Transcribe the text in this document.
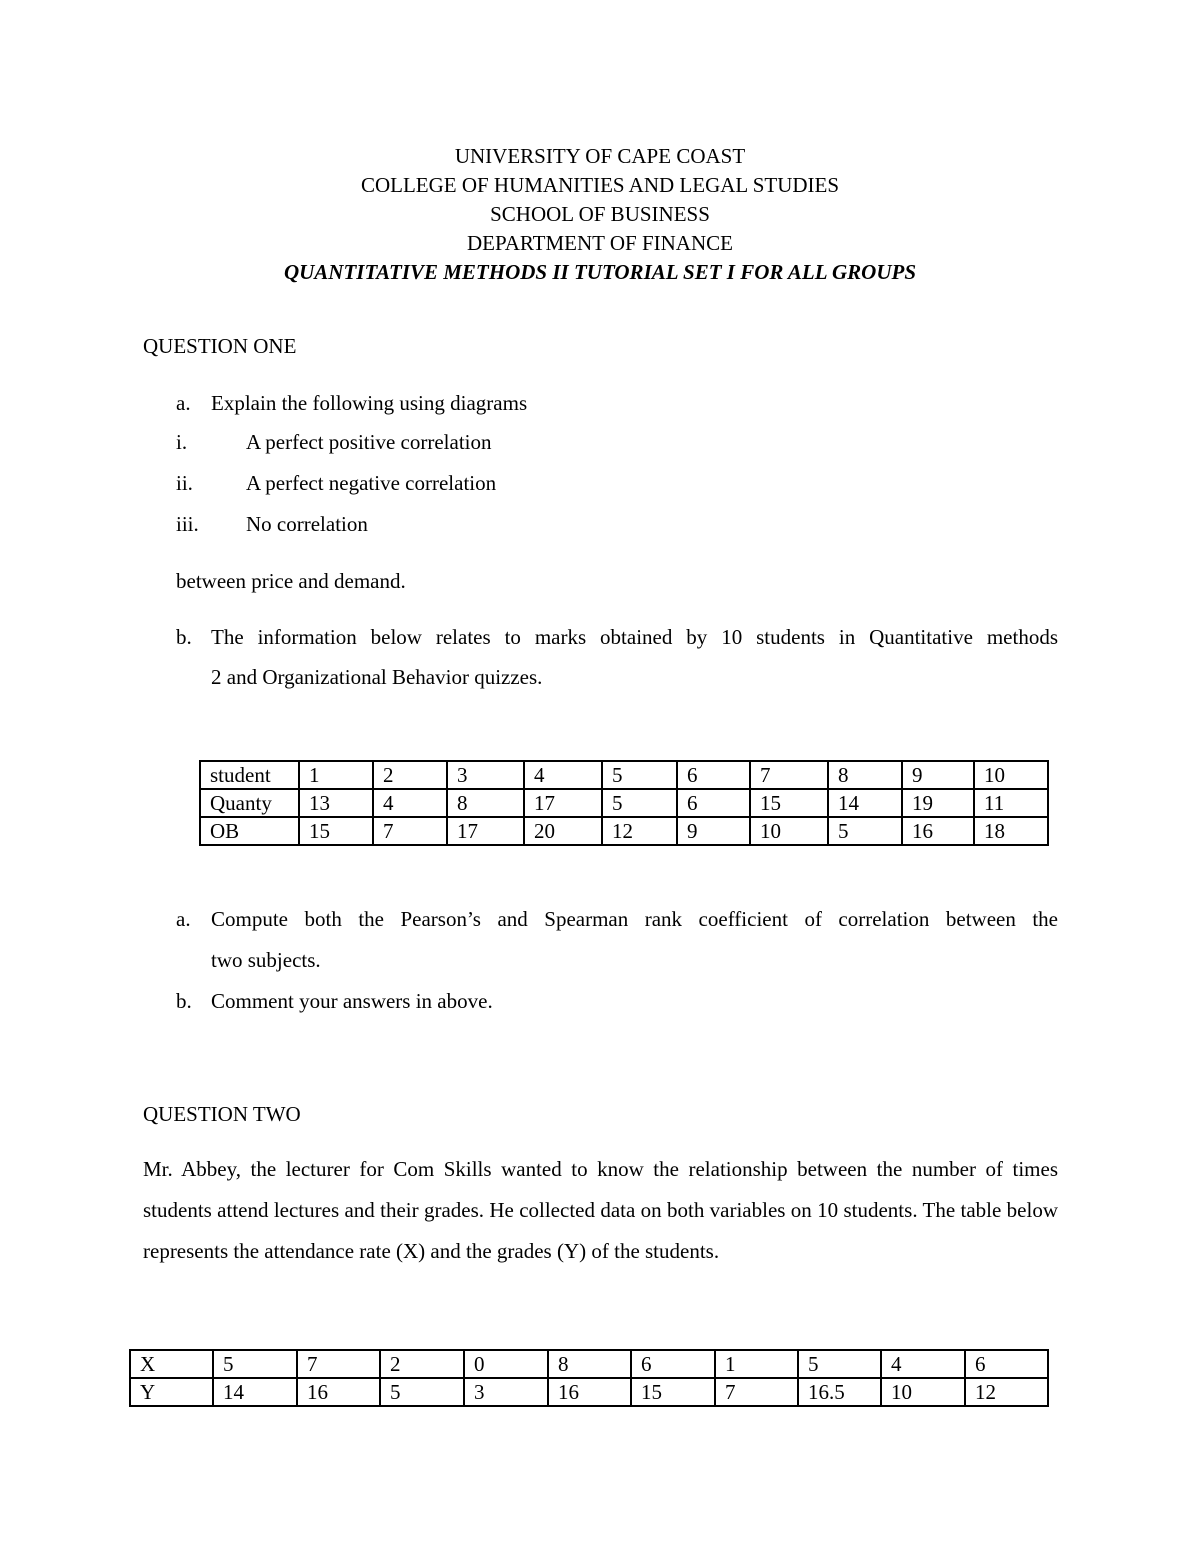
UNIVERSITY OF CAPE COAST
COLLEGE OF HUMANITIES AND LEGAL STUDIES
SCHOOL OF BUSINESS
DEPARTMENT OF FINANCE
QUANTITATIVE METHODS II TUTORIAL SET I FOR ALL GROUPS
QUESTION ONE
a. Explain the following using diagrams
i.	A perfect positive correlation
ii.	A perfect negative correlation
iii. No correlation
between price and demand.
b. The information below relates to marks obtained by 10 students in Quantitative methods
2 and Organizational Behavior quizzes.
student	1	2	3	4	5	6	7	8	9	10
Quanty	13	4	8	17	5	6	15	14	19	11
OB	15	7	17	20	12	9	10	5	16	18
a. Compute both the Pearson’s and Spearman rank coefficient of correlation between the
two subjects.
b. Comment your answers in above.
QUESTION TWO
Mr. Abbey, the lecturer for Com Skills wanted to know the relationship between the number of times students attend lectures and their grades. He collected data on both variables on 10 students. The table below represents the attendance rate (X) and the grades (Y) of the students.
X	5	7	2	0	8	6	1	5	4	6
Y	14	16	5	3	16	15	7	16.5	10	12
